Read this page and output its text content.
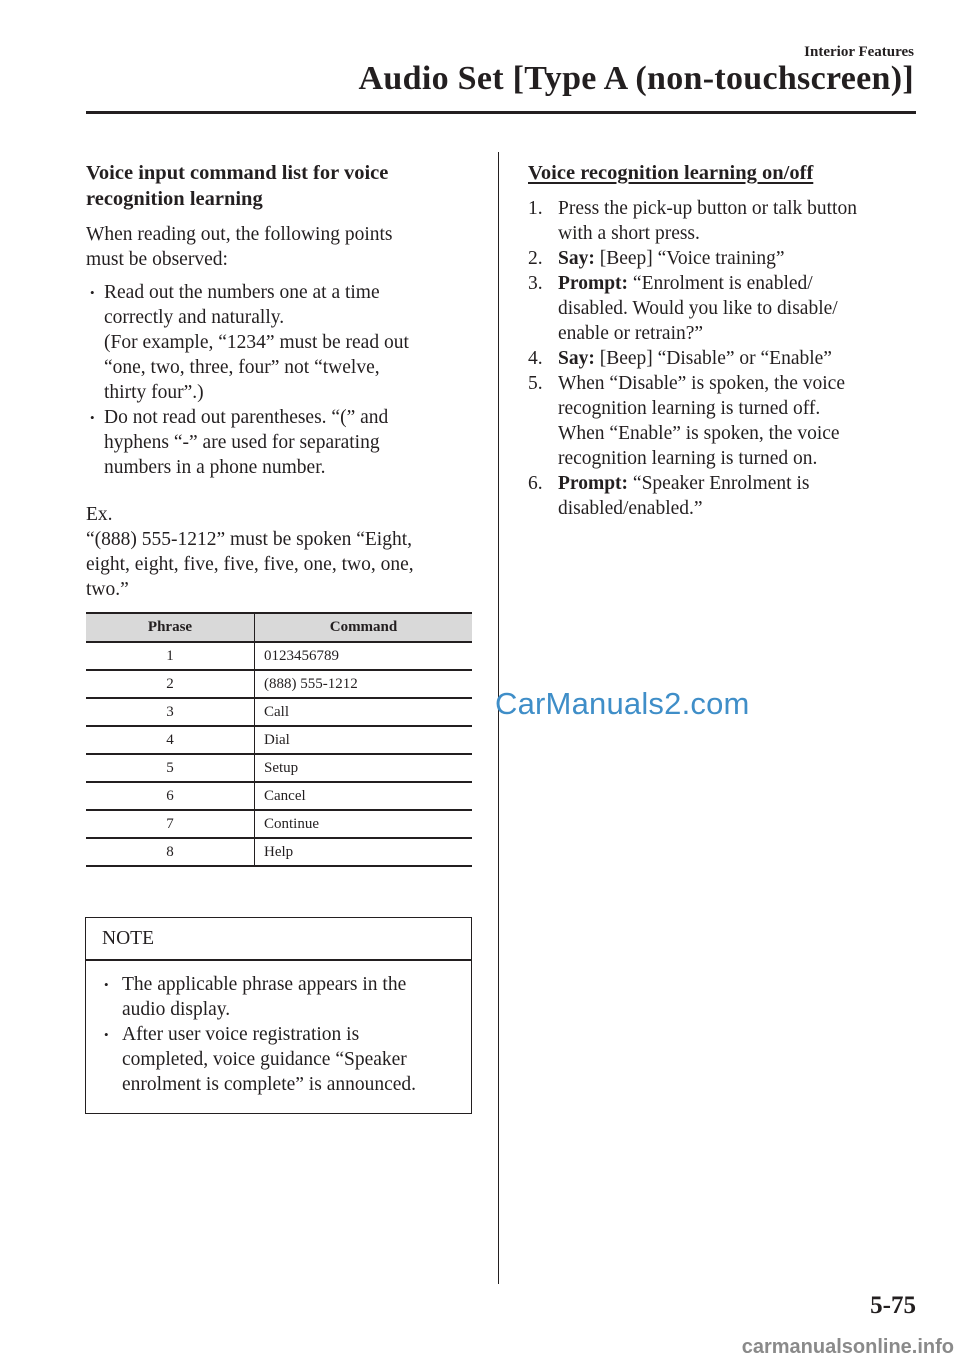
Interior Features
Audio Set [Type A (non-touchscreen)]

Voice input command list for voice
recognition learning

When reading out, the following points
must be observed:

• Read out the numbers one at a time
correctly and naturally.
(For example, “1234” must be read out
“one, two, three, four” not “twelve,
thirty four”.)
• Do not read out parentheses. “(” and
hyphens “-” are used for separating
numbers in a phone number.

Ex.
“(888) 555-1212” must be spoken “Eight,
eight, eight, five, five, five, one, two, one,
two.”

Phrase	Command
1	0123456789
2	(888) 555-1212
3	Call
4	Dial
5	Setup
6	Cancel
7	Continue
8	Help
NOTE
• The applicable phrase appears in the
audio display.
• After user voice registration is
completed, voice guidance “Speaker
enrolment is complete” is announced.

Voice recognition learning on/off

1. Press the pick-up button or talk button
with a short press.
2. Say: [Beep] “Voice training”
3. Prompt: “Enrolment is enabled/
disabled. Would you like to disable/
enable or retrain?”
4. Say: [Beep] “Disable” or “Enable”
5. When “Disable” is spoken, the voice
recognition learning is turned off.
When “Enable” is spoken, the voice
recognition learning is turned on.
6. Prompt: “Speaker Enrolment is
disabled/enabled.”
CarManuals2.com
5-75
carmanualsonline.info
